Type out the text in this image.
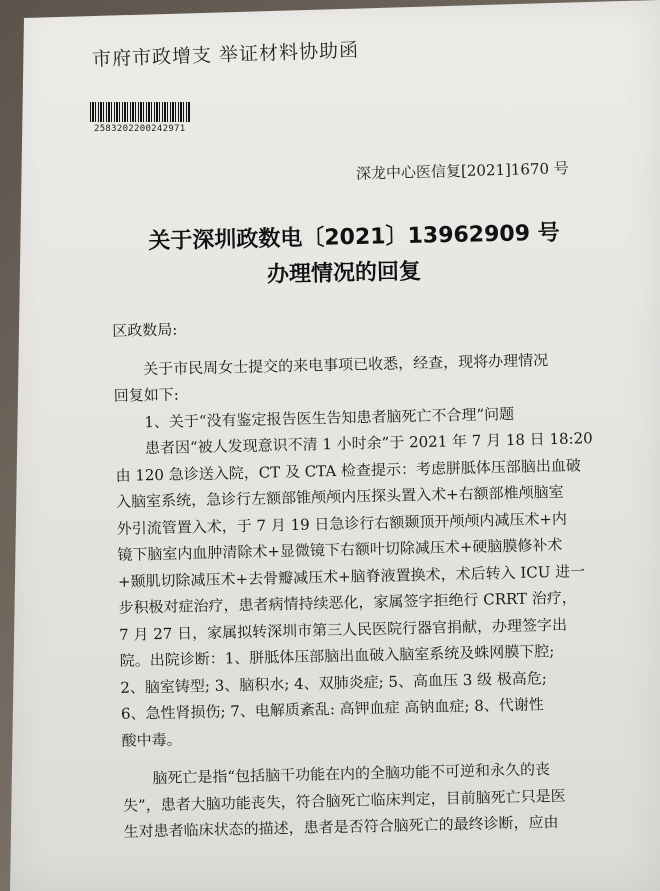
市府市政增支 举证材料协助函
2583202200242971
深龙中心医信复[2021]1670 号
关于深圳政数电〔2021〕13962909 号
办理情况的回复
区政数局:
关于市民周女士提交的来电事项已收悉，经查，现将办理情况
回复如下:
1、关于“没有鉴定报告医生告知患者脑死亡不合理”问题
患者因“被人发现意识不清 1 小时余”于 2021 年 7 月 18 日 18:20
由 120 急诊送入院，CT 及 CTA 检查提示：考虑胼胝体压部脑出血破
入脑室系统，急诊行左额部锥颅颅内压探头置入术+右额部椎颅脑室
外引流管置入术，于 7 月 19 日急诊行右额颞顶开颅颅内减压术+内
镜下脑室内血肿清除术+显微镜下右额叶切除减压术+硬脑膜修补术
+颞肌切除减压术+去骨瓣减压术+脑脊液置换术，术后转入 ICU 进一
步积极对症治疗，患者病情持续恶化，家属签字拒绝行 CRRT 治疗，
7 月 27 日，家属拟转深圳市第三人民医院行器官捐献，办理签字出
院。出院诊断：1、胼胝体压部脑出血破入脑室系统及蛛网膜下腔;
2、脑室铸型; 3、脑积水; 4、双肺炎症; 5、高血压 3 级 极高危;
6、急性肾损伤; 7、电解质紊乱: 高钾血症 高钠血症; 8、代谢性
酸中毒。
脑死亡是指“包括脑干功能在内的全脑功能不可逆和永久的丧
失”，患者大脑功能丧失，符合脑死亡临床判定，目前脑死亡只是医
生对患者临床状态的描述，患者是否符合脑死亡的最终诊断，应由
